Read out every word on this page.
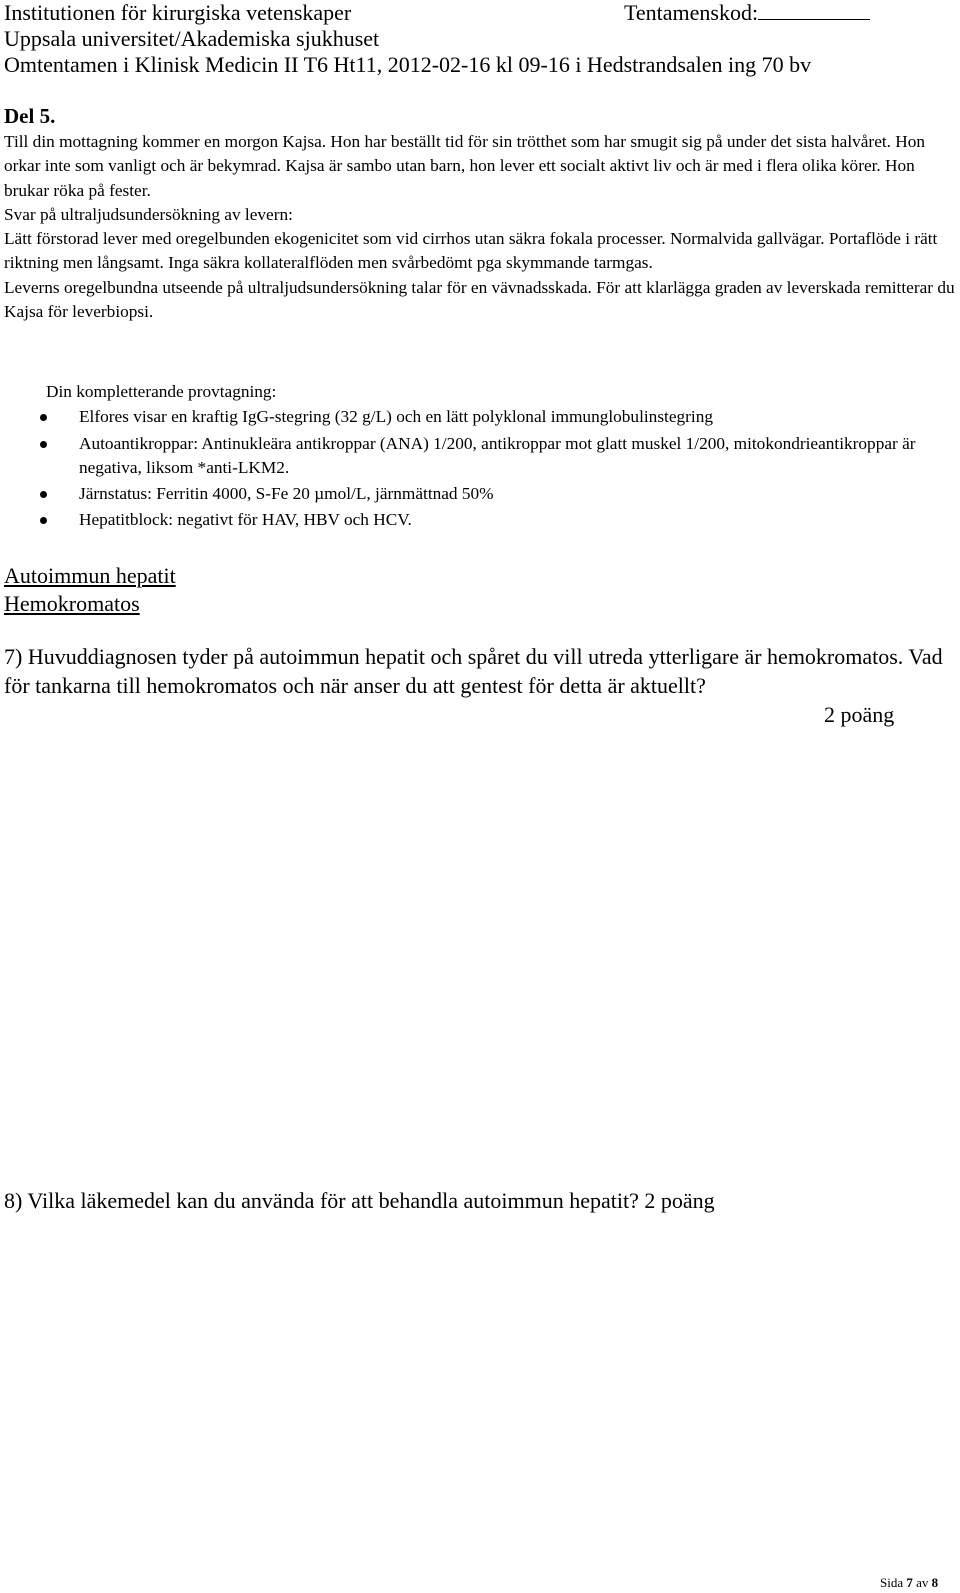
Institutionen för kirurgiska vetenskaper	Tentamenskod:
Uppsala universitet/Akademiska sjukhuset
Omtentamen i Klinisk Medicin II T6 Ht11, 2012-02-16 kl 09-16 i Hedstrandsalen ing 70 bv
Del 5.

Till din mottagning kommer en morgon Kajsa. Hon har beställt tid för sin trötthet som har smugit sig på under det sista halvåret. Hon orkar inte som vanligt och är bekymrad. Kajsa är sambo utan barn, hon lever ett socialt aktivt liv och är med i flera olika körer. Hon brukar röka på fester.

Svar på ultraljudsundersökning av levern:

Lätt förstorad lever med oregelbunden ekogenicitet som vid cirrhos utan säkra fokala processer. Normalvida gallvägar. Portaflöde i rätt riktning men långsamt. Inga säkra kollateralflöden men svårbedömt pga skymmande tarmgas.

Leverns oregelbundna utseende på ultraljudsundersökning talar för en vävnadsskada. För att klarlägga graden av leverskada remitterar du Kajsa för leverbiopsi.

Din kompletterande provtagning:
Elfores visar en kraftig IgG-stegring (32 g/L) och en lätt polyklonal immunglobulinstegring
Autoantikroppar: Antinukleära antikroppar (ANA) 1/200, antikroppar mot glatt muskel 1/200, mitokondrieantikroppar är negativa, liksom *anti-LKM2.
Järnstatus: Ferritin 4000, S-Fe 20 µmol/L, järnmättnad 50%
Hepatitblock: negativt för HAV, HBV och HCV.
Autoimmun hepatit
Hemokromatos
7) Huvuddiagnosen tyder på autoimmun hepatit och spåret du vill utreda ytterligare är hemokromatos. Vad för tankarna till hemokromatos och när anser du att gentest för detta är aktuellt?
2 poäng
8) Vilka läkemedel kan du använda för att behandla autoimmun hepatit? 2 poäng
Sida 7 av 8
